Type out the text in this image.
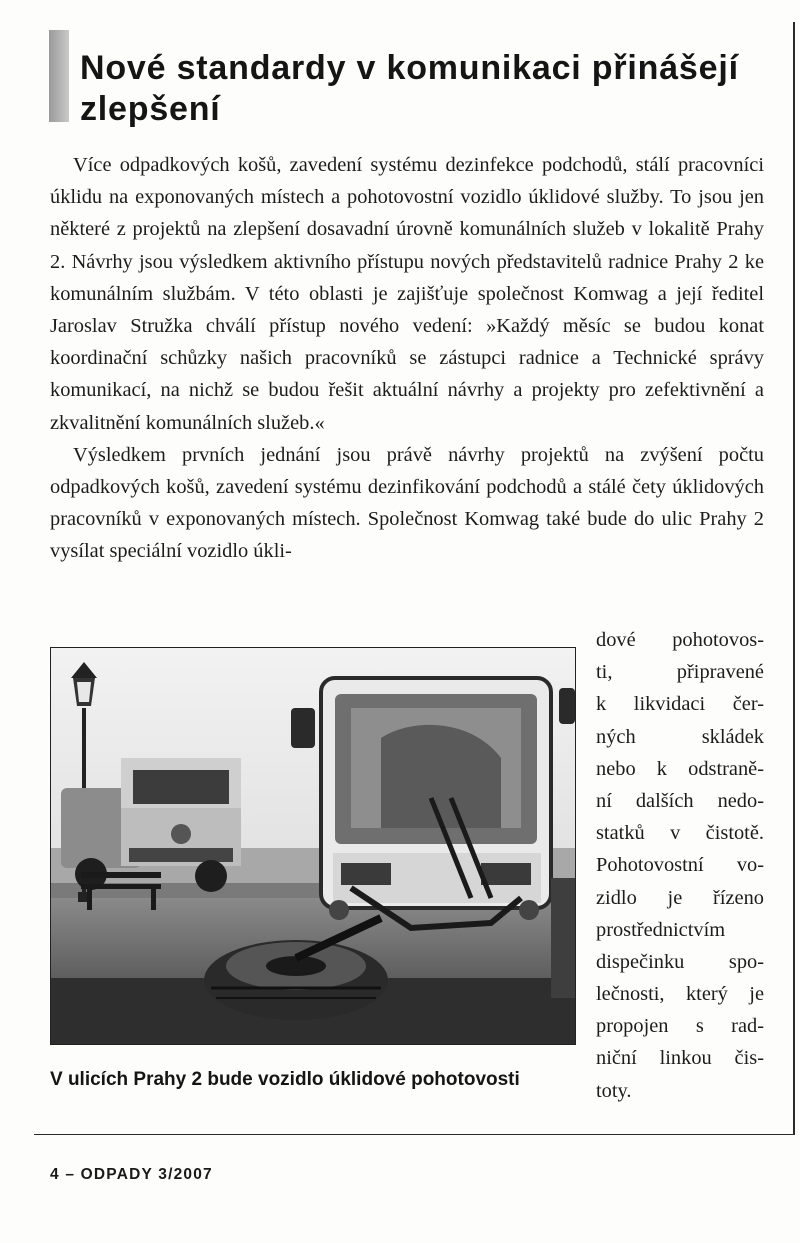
Nové standardy v komunikaci přinášejí zlepšení

Více odpadkových košů, zavedení systému dezinfekce podchodů, stálí pracovníci úklidu na exponovaných místech a pohotovostní vozidlo úklidové služby. To jsou jen některé z projektů na zlepšení dosavadní úrovně komunálních služeb v lokalitě Prahy 2. Návrhy jsou výsledkem aktivního přístupu nových představitelů radnice Prahy 2 ke komunálním službám. V této oblasti je zajišťuje společnost Komwag a její ředitel Jaroslav Stružka chválí přístup nového vedení: »Každý měsíc se budou konat koordinační schůzky našich pracovníků se zástupci radnice a Technické správy komunikací, na nichž se budou řešit aktuální návrhy a projekty pro zefektivnění a zkvalitnění komunálních služeb.«

Výsledkem prvních jednání jsou právě návrhy projektů na zvýšení počtu odpadkových košů, zavedení systému dezinfikování podchodů a stálé čety úklidových pracovníků v exponovaných místech. Společnost Komwag také bude do ulic Prahy 2 vysílat speciální vozidlo úkli-

dové pohotovos-
ti, připravené
k likvidaci čer-
ných skládek
nebo k odstraně-
ní dalších nedo-
statků v čistotě.
Pohotovostní vo-
zidlo je řízeno
prostřednictvím
dispečinku spo-
lečnosti, který je
propojen s rad-
niční linkou čis-
toty.

V ulicích Prahy 2 bude vozidlo úklidové pohotovosti

4 – ODPADY 3/2007
